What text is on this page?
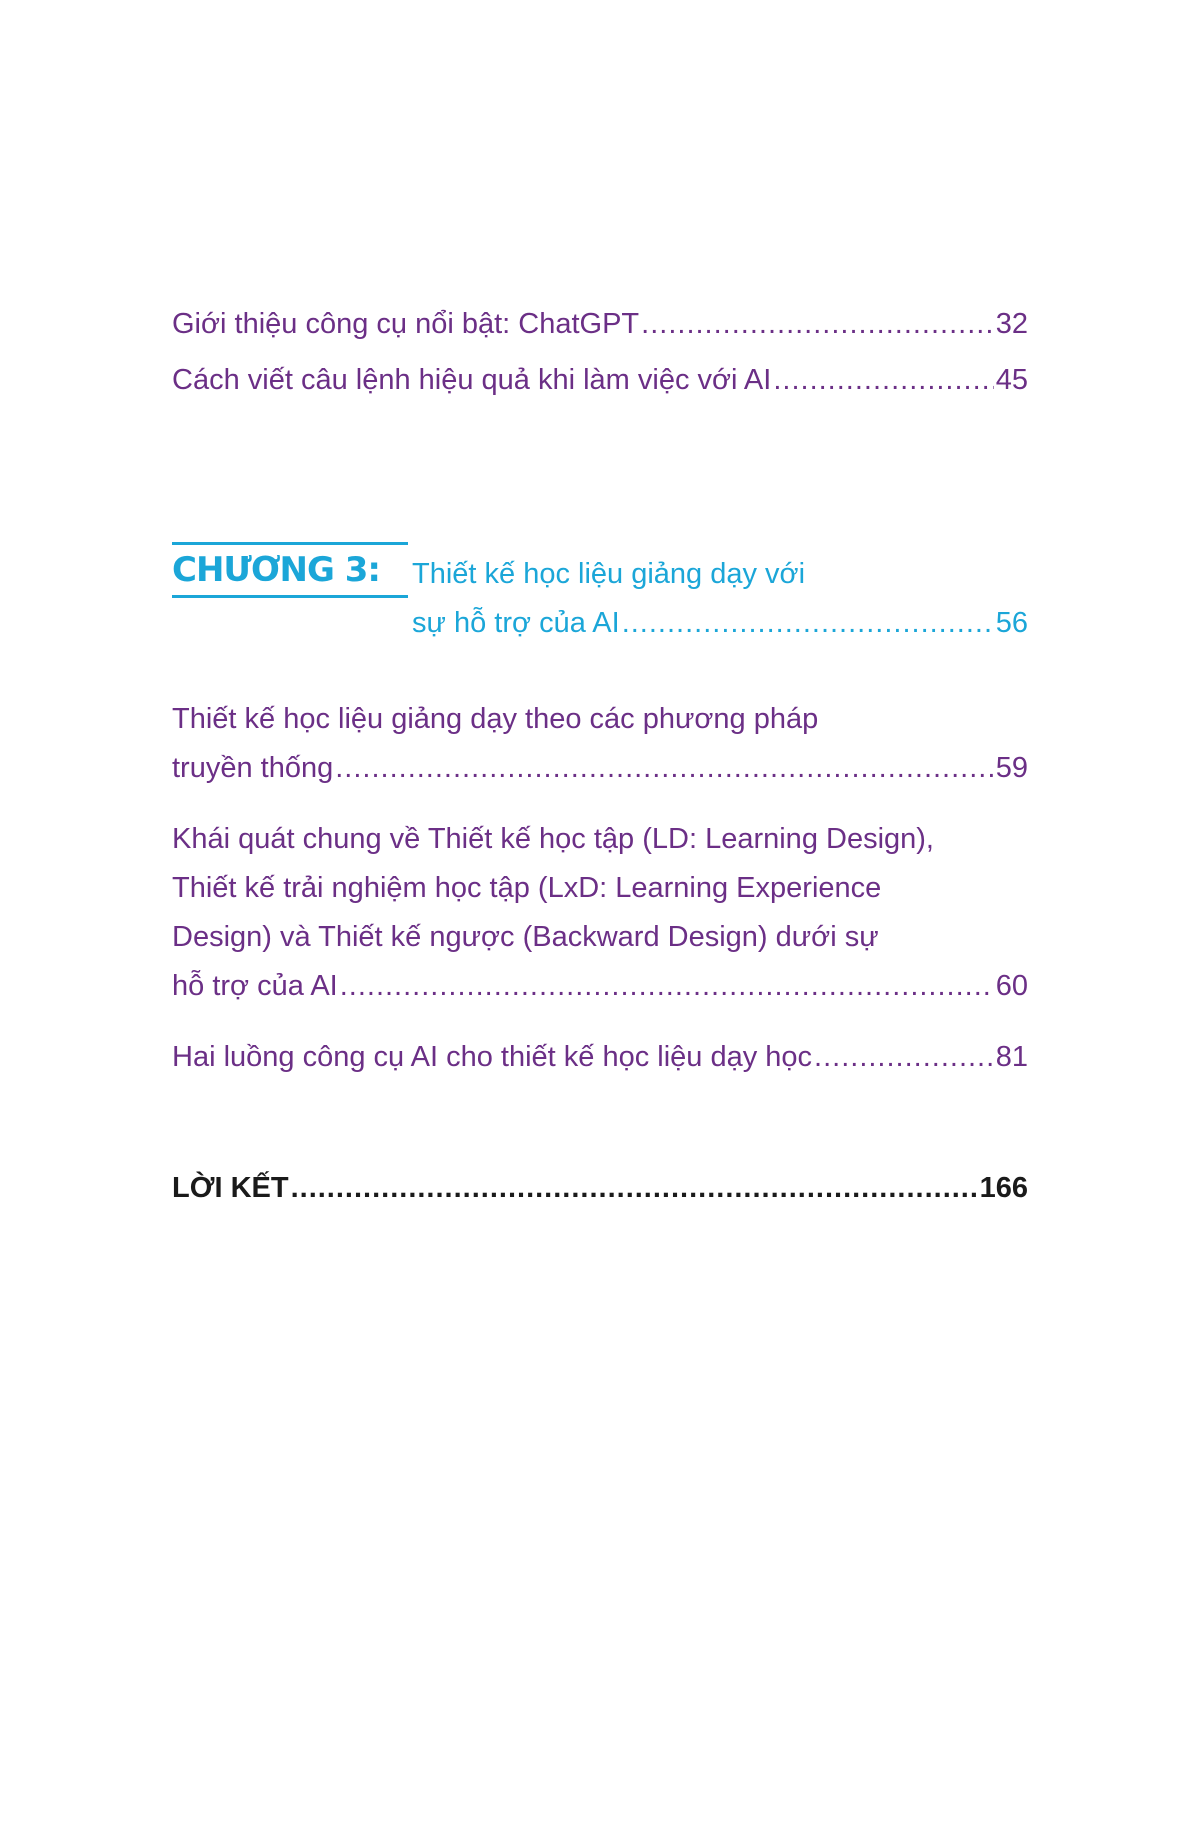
Giới thiệu công cụ nổi bật: ChatGPT .....	32
Cách viết câu lệnh hiệu quả khi làm việc với AI .....	45
CHƯƠNG 3:	Thiết kế học liệu giảng dạy với
sự hỗ trợ của AI .....	56
Thiết kế học liệu giảng dạy theo các phương pháp
truyền thống .....	59
Khái quát chung về Thiết kế học tập (LD: Learning Design),
Thiết kế trải nghiệm học tập (LxD: Learning Experience
Design) và Thiết kế ngược (Backward Design) dưới sự
hỗ trợ của AI .....	60
Hai luồng công cụ AI cho thiết kế học liệu dạy học .....	81
LỜI KẾT .....	166
